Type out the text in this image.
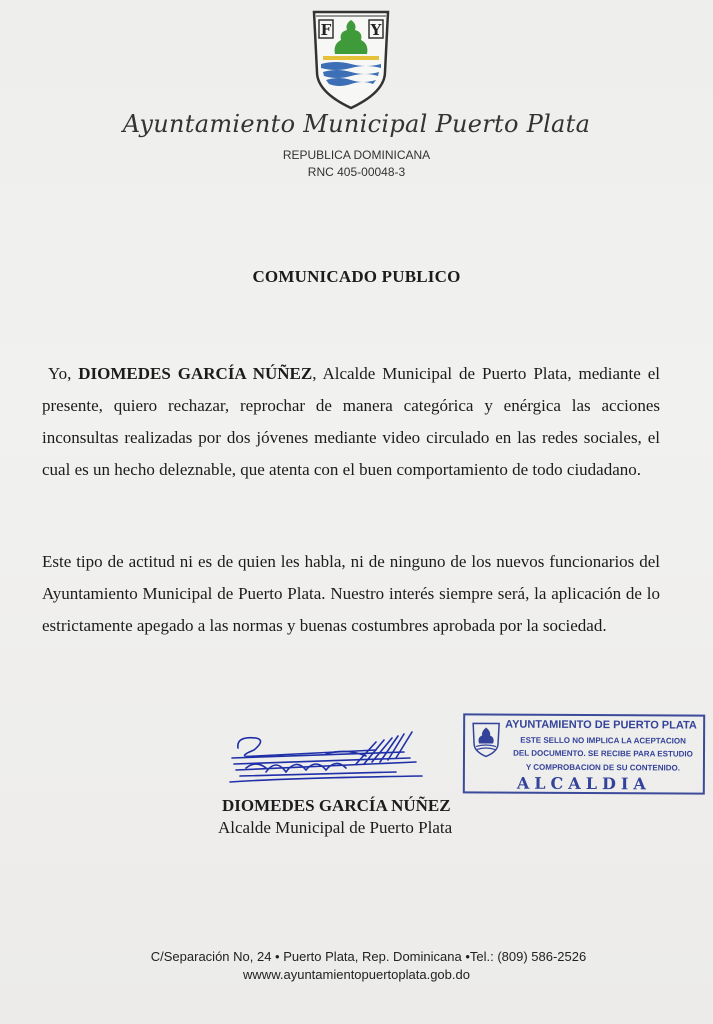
F	Y
Ayuntamiento Municipal Puerto Plata
REPUBLICA DOMINICANA
RNC 405-00048-3
COMUNICADO PUBLICO
Yo, DIOMEDES GARCÍA NÚÑEZ, Alcalde Municipal de Puerto Plata, mediante el presente, quiero rechazar, reprochar de manera categórica y enérgica las acciones inconsultas realizadas por dos jóvenes mediante video circulado en las redes sociales, el cual es un hecho deleznable, que atenta con el buen comportamiento de todo ciudadano.
Este tipo de actitud ni es de quien les habla, ni de ninguno de los nuevos funcionarios del Ayuntamiento Municipal de Puerto Plata. Nuestro interés siempre será, la aplicación de lo estrictamente apegado a las normas y buenas costumbres aprobada por la sociedad.
DIOMEDES GARCÍA NÚÑEZ
Alcalde Municipal de Puerto Plata
AYUNTAMIENTO DE PUERTO PLATA
ESTE SELLO NO IMPLICA LA ACEPTACION
DEL DOCUMENTO. SE RECIBE PARA ESTUDIO
Y COMPROBACION DE SU CONTENIDO.
ALCALDIA
C/Separación No, 24 • Puerto Plata, Rep. Dominicana •Tel.: (809) 586-2526
wwww.ayuntamientopuertoplata.gob.do
